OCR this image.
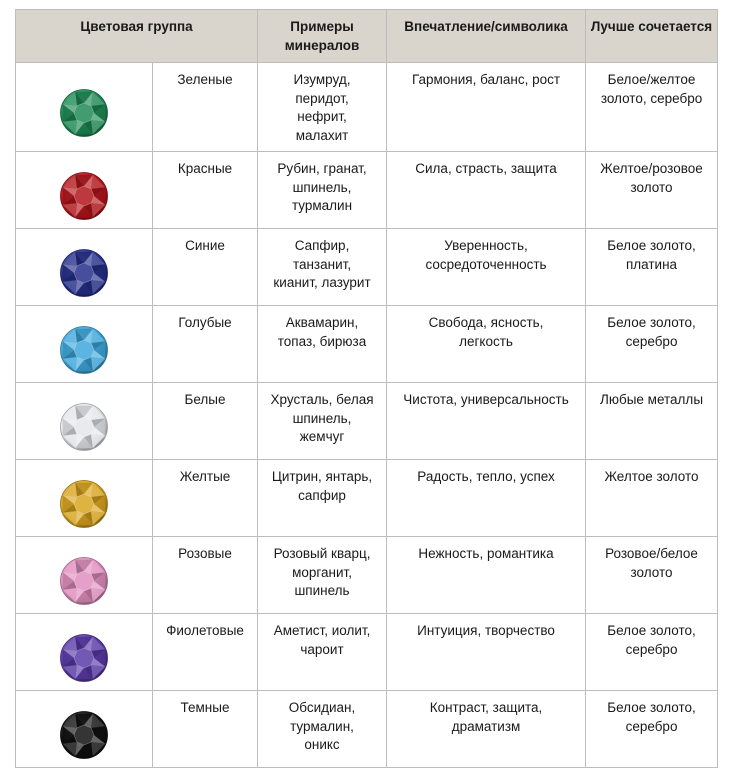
Цветовая группа		Примеры минералов	Впечатление/символика	Лучше сочетается

	Зеленые	Изумруд,
перидот,
нефрит,
малахит	Гармония, баланс, рост	Белое/желтое
золото, серебро

	Красные	Рубин, гранат,
шпинель,
турмалин	Сила, страсть, защита	Желтое/розовое
золото

	Синие	Сапфир,
танзанит,
кианит, лазурит	Уверенность,
сосредоточенность	Белое золото,
платина

	Голубые	Аквамарин,
топаз, бирюза	Свобода, ясность,
легкость	Белое золото,
серебро

	Белые	Хрусталь, белая
шпинель,
жемчуг	Чистота, универсальность	Любые металлы

	Желтые	Цитрин, янтарь,
сапфир	Радость, тепло, успех	Желтое золото

	Розовые	Розовый кварц,
морганит,
шпинель	Нежность, романтика	Розовое/белое
золото

	Фиолетовые	Аметист, иолит,
чароит	Интуиция, творчество	Белое золото,
серебро

	Темные	Обсидиан,
турмалин,
оникс	Контраст, защита,
драматизм	Белое золото,
серебро
